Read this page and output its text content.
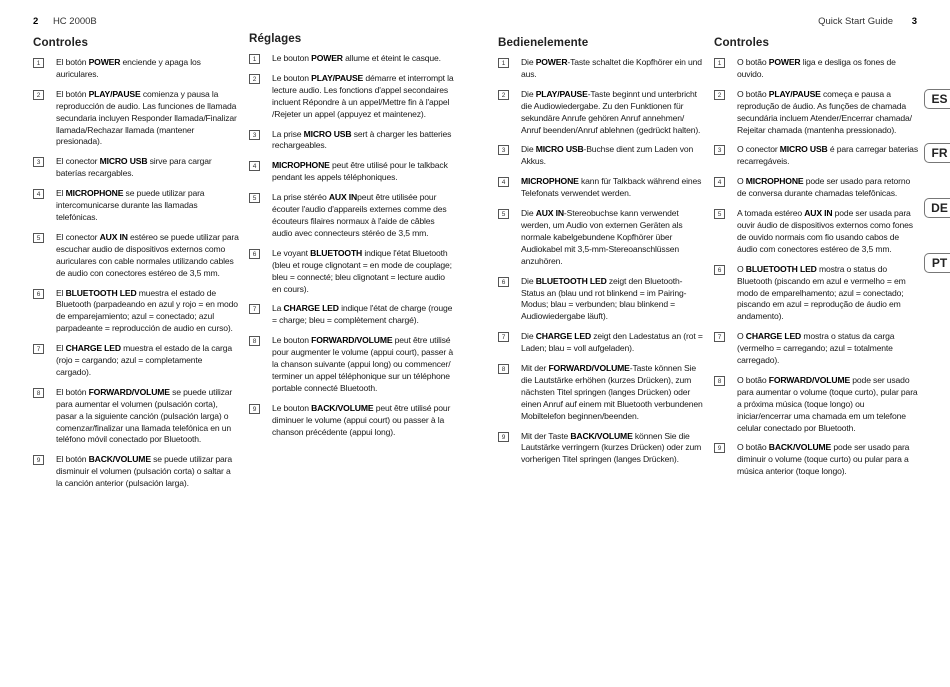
2 HC 2000B	Quick Start Guide 3
Controles
1	El botón POWER enciende y apaga los auriculares.
2	El botón PLAY/PAUSE comienza y pausa la reproducción de audio. Las funciones de llamada secundaria incluyen Responder llamada/Finalizar llamada/Rechazar llamada (mantener presionada).
3	El conector MICRO USB sirve para cargar baterías recargables.
4	El MICROPHONE se puede utilizar para intercomunicarse durante las llamadas telefónicas.
5	El conector AUX IN estéreo se puede utilizar para escuchar audio de dispositivos externos como auriculares con cable normales utilizando cables de audio con conectores estéreo de 3,5 mm.
6	El BLUETOOTH LED muestra el estado de Bluetooth (parpadeando en azul y rojo = en modo de emparejamiento; azul = conectado; azul parpadeante = reproducción de audio en curso).
7	El CHARGE LED muestra el estado de la carga (rojo = cargando; azul = completamente cargado).
8	El botón FORWARD/VOLUME se puede utilizar para aumentar el volumen (pulsación corta), pasar a la siguiente canción (pulsación larga) o comenzar/finalizar una llamada telefónica en un teléfono móvil conectado por Bluetooth.
9	El botón BACK/VOLUME se puede utilizar para disminuir el volumen (pulsación corta) o saltar a la canción anterior (pulsación larga).
Réglages
1	Le bouton POWER allume et éteint le casque.
2	Le bouton PLAY/PAUSE démarre et interrompt la lecture audio. Les fonctions d'appel secondaires incluent Répondre à un appel/Mettre fin à l'appel /Rejeter un appel (appuyez et maintenez).
3	La prise MICRO USB sert à charger les batteries rechargeables.
4	MICROPHONE peut être utilisé pour le talkback pendant les appels téléphoniques.
5	La prise stéréo AUX INpeut être utilisée pour écouter l'audio d'appareils externes comme des écouteurs filaires normaux à l'aide de câbles audio avec connecteurs stéréo de 3,5 mm.
6	Le voyant BLUETOOTH indique l'état Bluetooth (bleu et rouge clignotant = en mode de couplage; bleu = connecté; bleu clignotant = lecture audio en cours).
7	La CHARGE LED indique l'état de charge (rouge = charge; bleu = complètement chargé).
8	Le bouton FORWARD/VOLUME peut être utilisé pour augmenter le volume (appui court), passer à la chanson suivante (appui long) ou commencer/ terminer un appel téléphonique sur un téléphone portable connecté Bluetooth.
9	Le bouton BACK/VOLUME peut être utilisé pour diminuer le volume (appui court) ou passer à la chanson précédente (appui long).
Bedienelemente
1	Die POWER-Taste schaltet die Kopfhörer ein und aus.
2	Die PLAY/PAUSE-Taste beginnt und unterbricht die Audiowiedergabe. Zu den Funktionen für sekundäre Anrufe gehören Anruf annehmen/ Anruf beenden/Anruf ablehnen (gedrückt halten).
3	Die MICRO USB-Buchse dient zum Laden von Akkus.
4	MICROPHONE kann für Talkback während eines Telefonats verwendet werden.
5	Die AUX IN-Stereobuchse kann verwendet werden, um Audio von externen Geräten als normale kabelgebundene Kopfhörer über Audiokabel mit 3,5-mm-Stereoanschlüssen anzuhören.
6	Die BLUETOOTH LED zeigt den Bluetooth-Status an (blau und rot blinkend = im Pairing-Modus; blau = verbunden; blau blinkend = Audiowiedergabe läuft).
7	Die CHARGE LED zeigt den Ladestatus an (rot = Laden; blau = voll aufgeladen).
8	Mit der FORWARD/VOLUME-Taste können Sie die Lautstärke erhöhen (kurzes Drücken), zum nächsten Titel springen (langes Drücken) oder einen Anruf auf einem mit Bluetooth verbundenen Mobiltelefon beginnen/beenden.
9	Mit der Taste BACK/VOLUME können Sie die Lautstärke verringern (kurzes Drücken) oder zum vorherigen Titel springen (langes Drücken).
Controles
1	O botão POWER liga e desliga os fones de ouvido.
2	O botão PLAY/PAUSE começa e pausa a reprodução de áudio. As funções de chamada secundária incluem Atender/Encerrar chamada/ Rejeitar chamada (mantenha pressionado).
3	O conector MICRO USB é para carregar baterias recarregáveis.
4	O MICROPHONE pode ser usado para retorno de conversa durante chamadas telefônicas.
5	A tomada estéreo AUX IN pode ser usada para ouvir áudio de dispositivos externos como fones de ouvido normais com fio usando cabos de áudio com conectores estéreo de 3,5 mm.
6	O BLUETOOTH LED mostra o status do Bluetooth (piscando em azul e vermelho = em modo de emparelhamento; azul = conectado; piscando em azul = reprodução de áudio em andamento).
7	O CHARGE LED mostra o status da carga (vermelho = carregando; azul = totalmente carregado).
8	O botão FORWARD/VOLUME pode ser usado para aumentar o volume (toque curto), pular para a próxima música (toque longo) ou iniciar/encerrar uma chamada em um telefone celular conectado por Bluetooth.
9	O botão BACK/VOLUME pode ser usado para diminuir o volume (toque curto) ou pular para a música anterior (toque longo).
ES
FR
DE
PT
